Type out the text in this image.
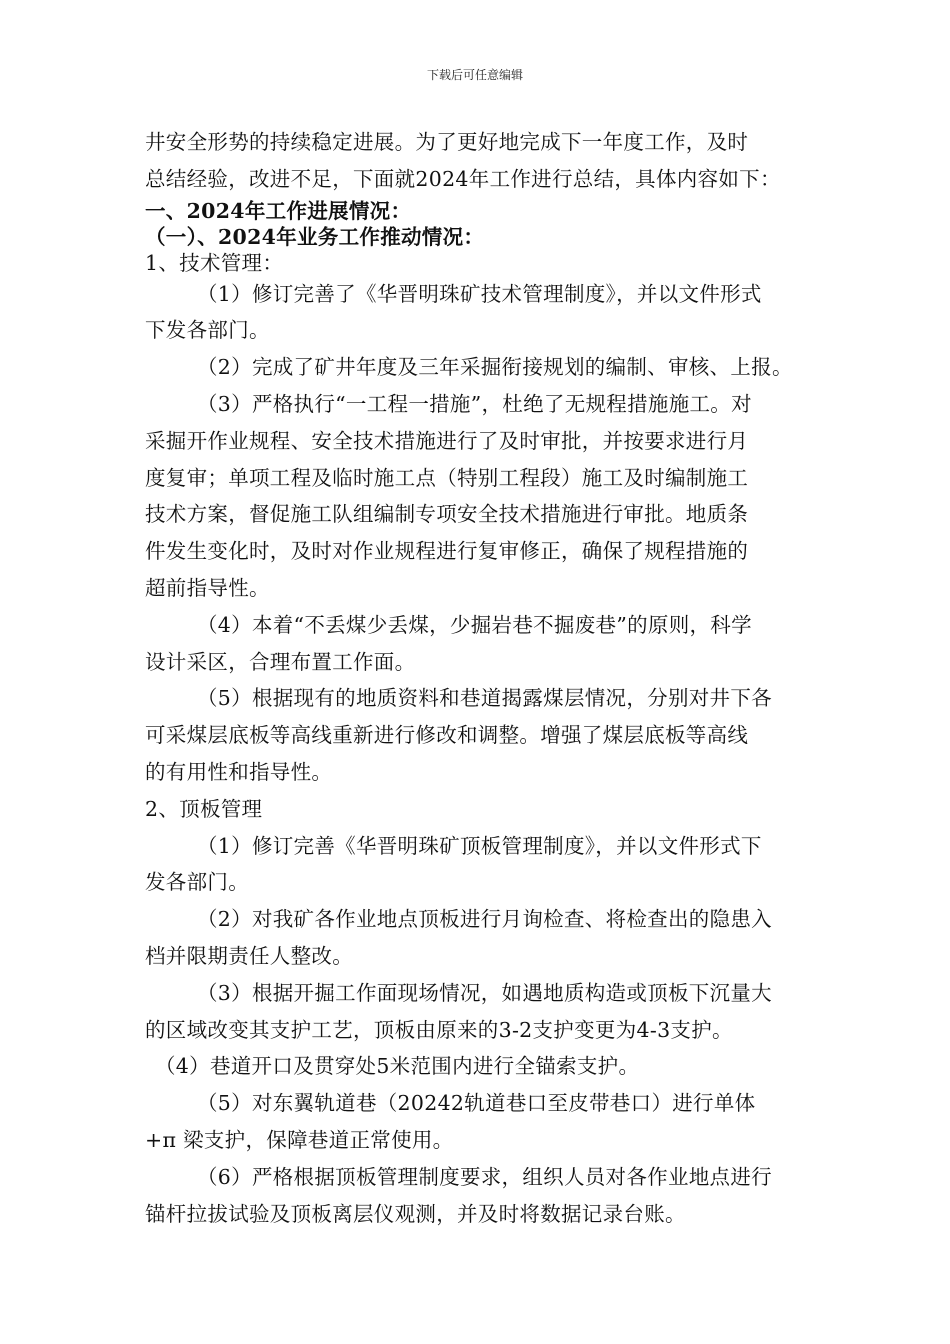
下载后可任意编辑
井安全形势的持续稳定进展。为了更好地完成下一年度工作，及时
总结经验，改进不足，下面就2024年工作进行总结，具体内容如下：
一、2024年工作进展情况：
（一）、2024年业务工作推动情况：
1、技术管理：
（1）修订完善了《华晋明珠矿技术管理制度》，并以文件形式
下发各部门。
（2）完成了矿井年度及三年采掘衔接规划的编制、审核、上报。
（3）严格执行“一工程一措施”，杜绝了无规程措施施工。对
采掘开作业规程、安全技术措施进行了及时审批，并按要求进行月
度复审；单项工程及临时施工点（特别工程段）施工及时编制施工
技术方案，督促施工队组编制专项安全技术措施进行审批。地质条
件发生变化时，及时对作业规程进行复审修正，确保了规程措施的
超前指导性。
（4）本着“不丢煤少丢煤，少掘岩巷不掘废巷”的原则，科学
设计采区，合理布置工作面。
（5）根据现有的地质资料和巷道揭露煤层情况，分别对井下各
可采煤层底板等高线重新进行修改和调整。增强了煤层底板等高线
的有用性和指导性。
2、顶板管理
（1）修订完善《华晋明珠矿顶板管理制度》，并以文件形式下
发各部门。
（2）对我矿各作业地点顶板进行月询检查、将检查出的隐患入
档并限期责任人整改。
（3）根据开掘工作面现场情况，如遇地质构造或顶板下沉量大
的区域改变其支护工艺，顶板由原来的3-2支护变更为4-3支护。
（4）巷道开口及贯穿处5米范围内进行全锚索支护。
（5）对东翼轨道巷（20242轨道巷口至皮带巷口）进行单体
+π 梁支护，保障巷道正常使用。
（6）严格根据顶板管理制度要求，组织人员对各作业地点进行
锚杆拉拔试验及顶板离层仪观测，并及时将数据记录台账。
